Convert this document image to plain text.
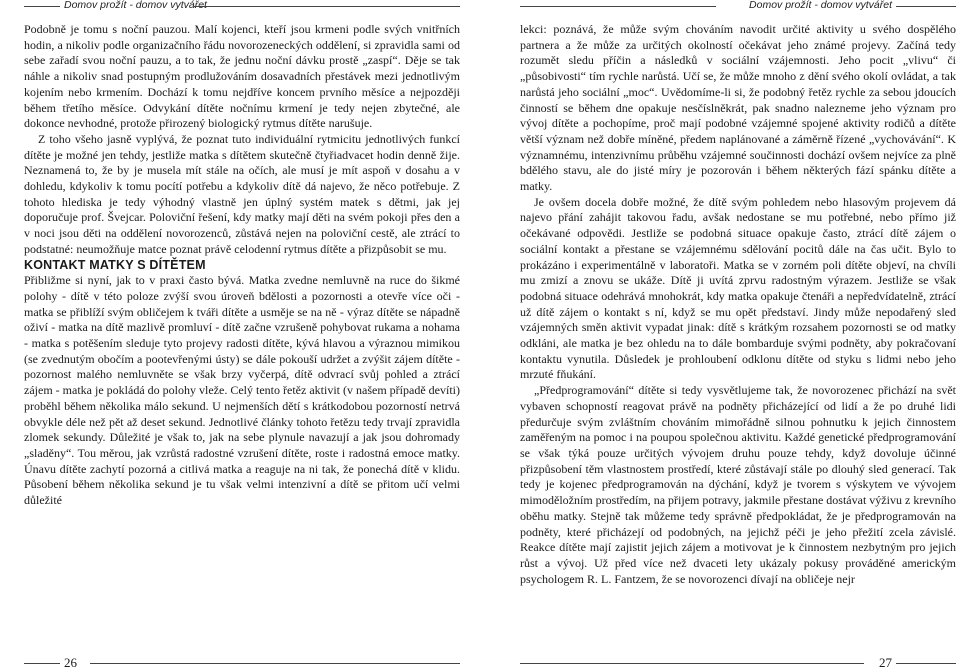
Domov prožít - domov vytvářet

Podobně je tomu s noční pauzou. Malí kojenci, kteří jsou krmeni podle svých vnitřních hodin, a nikoliv podle organizačního řádu novorozeneckých oddělení, si zpravidla sami od sebe zařadí svou noční pauzu, a to tak, že jednu noční dávku prostě „zaspí“. Děje se tak náhle a nikoliv snad postupným prodlužováním dosavadních přestávek mezi jednotlivým kojením nebo krmením. Dochází k tomu nejdříve koncem prvního měsíce a nejpozději během třetího měsíce. Odvykání dítěte nočnímu krmení je tedy nejen zbytečné, ale dokonce nevhodné, protože přirozený biologický rytmus dítěte narušuje.

Z toho všeho jasně vyplývá, že poznat tuto individuální rytmicitu jednotlivých funkcí dítěte je možné jen tehdy, jestliže matka s dítětem skutečně čtyřiadvacet hodin denně žije. Neznamená to, že by je musela mít stále na očích, ale musí je mít aspoň v dosahu a v dohledu, kdykoliv k tomu pocítí potřebu a kdykoliv dítě dá najevo, že něco potřebuje. Z tohoto hlediska je tedy výhodný vlastně jen úplný systém matek s dětmi, jak jej doporučuje prof. Švejcar. Poloviční řešení, kdy matky mají děti na svém pokoji přes den a v noci jsou děti na oddělení novorozenců, zůstává nejen na poloviční cestě, ale ztrácí to podstatné: neumožňuje matce poznat právě celodenní rytmus dítěte a přizpůsobit se mu.

KONTAKT MATKY S DÍTĚTEM

Přibližme si nyní, jak to v praxi často bývá. Matka zvedne nemluvně na ruce do šikmé polohy - dítě v této poloze zvýší svou úroveň bdělosti a pozornosti a otevře více oči - matka se přiblíží svým obličejem k tváři dítěte a usměje se na ně - výraz dítěte se nápadně oživí - matka na dítě mazlivě promluví - dítě začne vzrušeně pohybovat rukama a nohama - matka s potěšením sleduje tyto projevy radosti dítěte, kývá hlavou a výraznou mimikou (se zvednutým obočím a pootevřenými ústy) se dále pokouší udržet a zvýšit zájem dítěte - pozornost malého nemluvněte se však brzy vyčerpá, dítě odvrací svůj pohled a ztrácí zájem - matka je pokládá do polohy vleže. Celý tento řetěz aktivit (v našem případě devíti) proběhl během několika málo sekund. U nejmenších dětí s krátkodobou pozorností netrvá obvykle déle než pět až deset sekund. Jednotlivé články tohoto řetězu tedy trvají zpravidla zlomek sekundy. Důležité je však to, jak na sebe plynule navazují a jak jsou dohromady „sladěny“. Tou měrou, jak vzrůstá radostné vzrušení dítěte, roste i radostná emoce matky. Únavu dítěte zachytí pozorná a citlivá matka a reaguje na ni tak, že ponechá dítě v klidu. Působení během několika sekund je tu však velmi intenzivní a dítě se přitom učí velmi důležité

26
Domov prožít - domov vytvářet

lekci: poznává, že může svým chováním navodit určité aktivity u svého dospělého partnera a že může za určitých okolností očekávat jeho známé projevy. Začíná tedy rozumět sledu příčin a následků v sociální vzájemnosti. Jeho pocit „vlivu“ či „působivosti“ tím rychle narůstá. Učí se, že může mnoho z dění svého okolí ovládat, a tak narůstá jeho sociální „moc“. Uvědomíme-li si, že podobný řetěz rychle za sebou jdoucích činností se během dne opakuje nesčíslněkrát, pak snadno nalezneme jeho význam pro vývoj dítěte a pochopíme, proč mají podobné vzájemné spojené aktivity rodičů a dítěte větší význam než dobře míněné, předem naplánované a záměrně řízené „vychovávání“. K významnému, intenzivnímu průběhu vzájemné součinnosti dochází ovšem nejvíce za plně bdělého stavu, ale do jisté míry je pozorován i během některých fází spánku dítěte a matky.

Je ovšem docela dobře možné, že dítě svým pohledem nebo hlasovým projevem dá najevo přání zahájit takovou řadu, avšak nedostane se mu potřebné, nebo přímo již očekávané odpovědi. Jestliže se podobná situace opakuje často, ztrácí dítě zájem o sociální kontakt a přestane se vzájemnému sdělování pocitů dále na čas učit. Bylo to prokázáno i experimentálně v laboratoři. Matka se v zorném poli dítěte objeví, na chvíli mu zmizí a znovu se ukáže. Dítě ji uvítá zprvu radostným výrazem. Jestliže se však podobná situace odehrává mnohokrát, kdy matka opakuje čtenáři a nepředvídatelně, ztrácí už dítě zájem o kontakt s ní, když se mu opět představí. Jindy může nepodařený sled vzájemných směn aktivit vypadat jinak: dítě s krátkým rozsahem pozornosti se od matky odkláni, ale matka je bez ohledu na to dále bombarduje svými podněty, aby pokračovaní kontaktu vynutila. Důsledek je prohloubení odklonu dítěte od styku s lidmi nebo jeho mrzuté fňukání.

„Předprogramování“ dítěte si tedy vysvětlujeme tak, že novorozenec přichází na svět vybaven schopností reagovat právě na podněty přicházející od lidí a že po druhé lidi předurčuje svým zvláštním chováním mimořádně silnou pohnutku k jejich činnostem zaměřeným na pomoc i na poupou společnou aktivitu. Každé genetické předprogramování se však týká pouze určitých vývojem druhu pouze tehdy, když dovoluje účinné přizpůsobení těm vlastnostem prostředí, které zůstávají stále po dlouhý sled generací. Tak tedy je kojenec předprogramován na dýchání, když je tvorem s výskytem ve vývojem mimoděložním prostředím, na přijem potravy, jakmile přestane dostávat výživu z krevního oběhu matky. Stejně tak můžeme tedy správně předpokládat, že je předprogramován na podněty, které přicházejí od podobných, na jejichž péči je jeho přežití zcela závislé. Reakce dítěte mají zajistit jejich zájem a motivovat je k činnostem nezbytným pro jejich růst a vývoj. Už před více než dvaceti lety ukázaly pokusy prováděné americkým psychologem R. L. Fantzem, že se novorozenci dívají na obličeje nejr

27
